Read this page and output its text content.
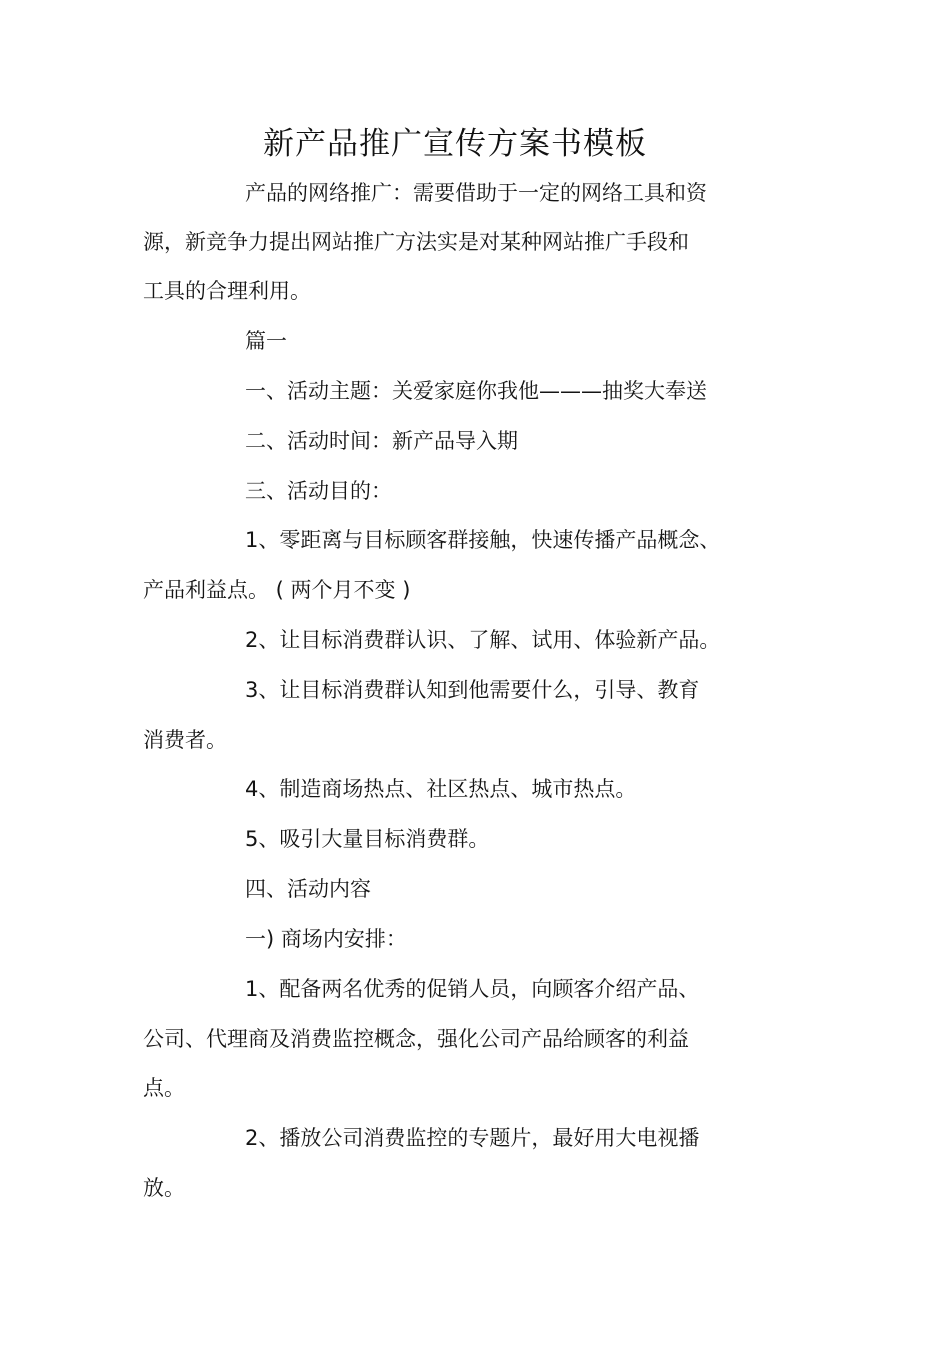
新产品推广宣传方案书模板
产品的网络推广：需要借助于一定的网络工具和资
源，新竞争力提出网站推广方法实是对某种网站推广手段和
工具的合理利用。
篇一
一、活动主题：关爱家庭你我他———抽奖大奉送
二、活动时间：新产品导入期
三、活动目的：
1、零距离与目标顾客群接触，快速传播产品概念、
产品利益点。 ( 两个月不变 )
2、让目标消费群认识、了解、试用、体验新产品。
3、让目标消费群认知到他需要什么，引导、教育
消费者。
4、制造商场热点、社区热点、城市热点。
5、吸引大量目标消费群。
四、活动内容
一) 商场内安排：
1、配备两名优秀的促销人员，向顾客介绍产品、
公司、代理商及消费监控概念，强化公司产品给顾客的利益
点。
2、播放公司消费监控的专题片，最好用大电视播
放。
